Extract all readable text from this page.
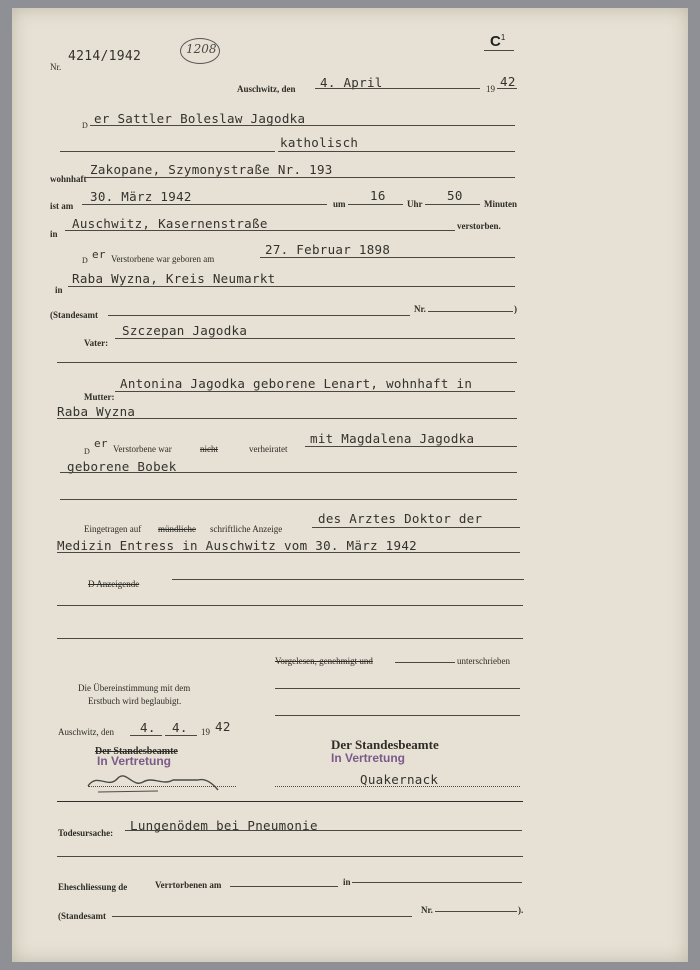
Nr.
4214/1942	1208	$C^1$
Auschwitz, den 4. April	19 42
D er Sattler Boleslaw Jagodka
katholisch
wohnhaft
Zakopane, Szymonystraße Nr. 193
ist am
30. März 1942	um
16
Uhr
50
Minuten
in
Auschwitz, Kasernenstraße	verstorben.
D er Verstorbene war geboren am
27. Februar 1898
in
Raba Wyzna, Kreis Neumarkt
(Standesamt
Nr.	)
Vater:
Szczepan Jagodka
Mutter:
Antonina Jagodka geborene Lenart, wohnhaft in
Raba Wyzna
D
er Verstorbene war	nicht	verheiratet
mit Magdalena Jagodka
geborene Bobek
Eingetragen auf mündliche schriftliche Anzeige
des Arztes Doktor der
Medizin Entress in Auschwitz vom 30. März 1942
D Anzeigende
Vorgelesen, genehmigt und	unterschrieben
Die Übereinstimmung mit dem
Erstbuch wird beglaubigt.
Auschwitz, den 4. 4. 19 42
Der Standesbeamte
In Vertretung
Der Standesbeamte
In Vertretung
Quakernack
Todesursache: Lungenödem bei Pneumonie
Eheschliessung de	Verrtorbenen am	in
(Standesamt
Nr.	).
